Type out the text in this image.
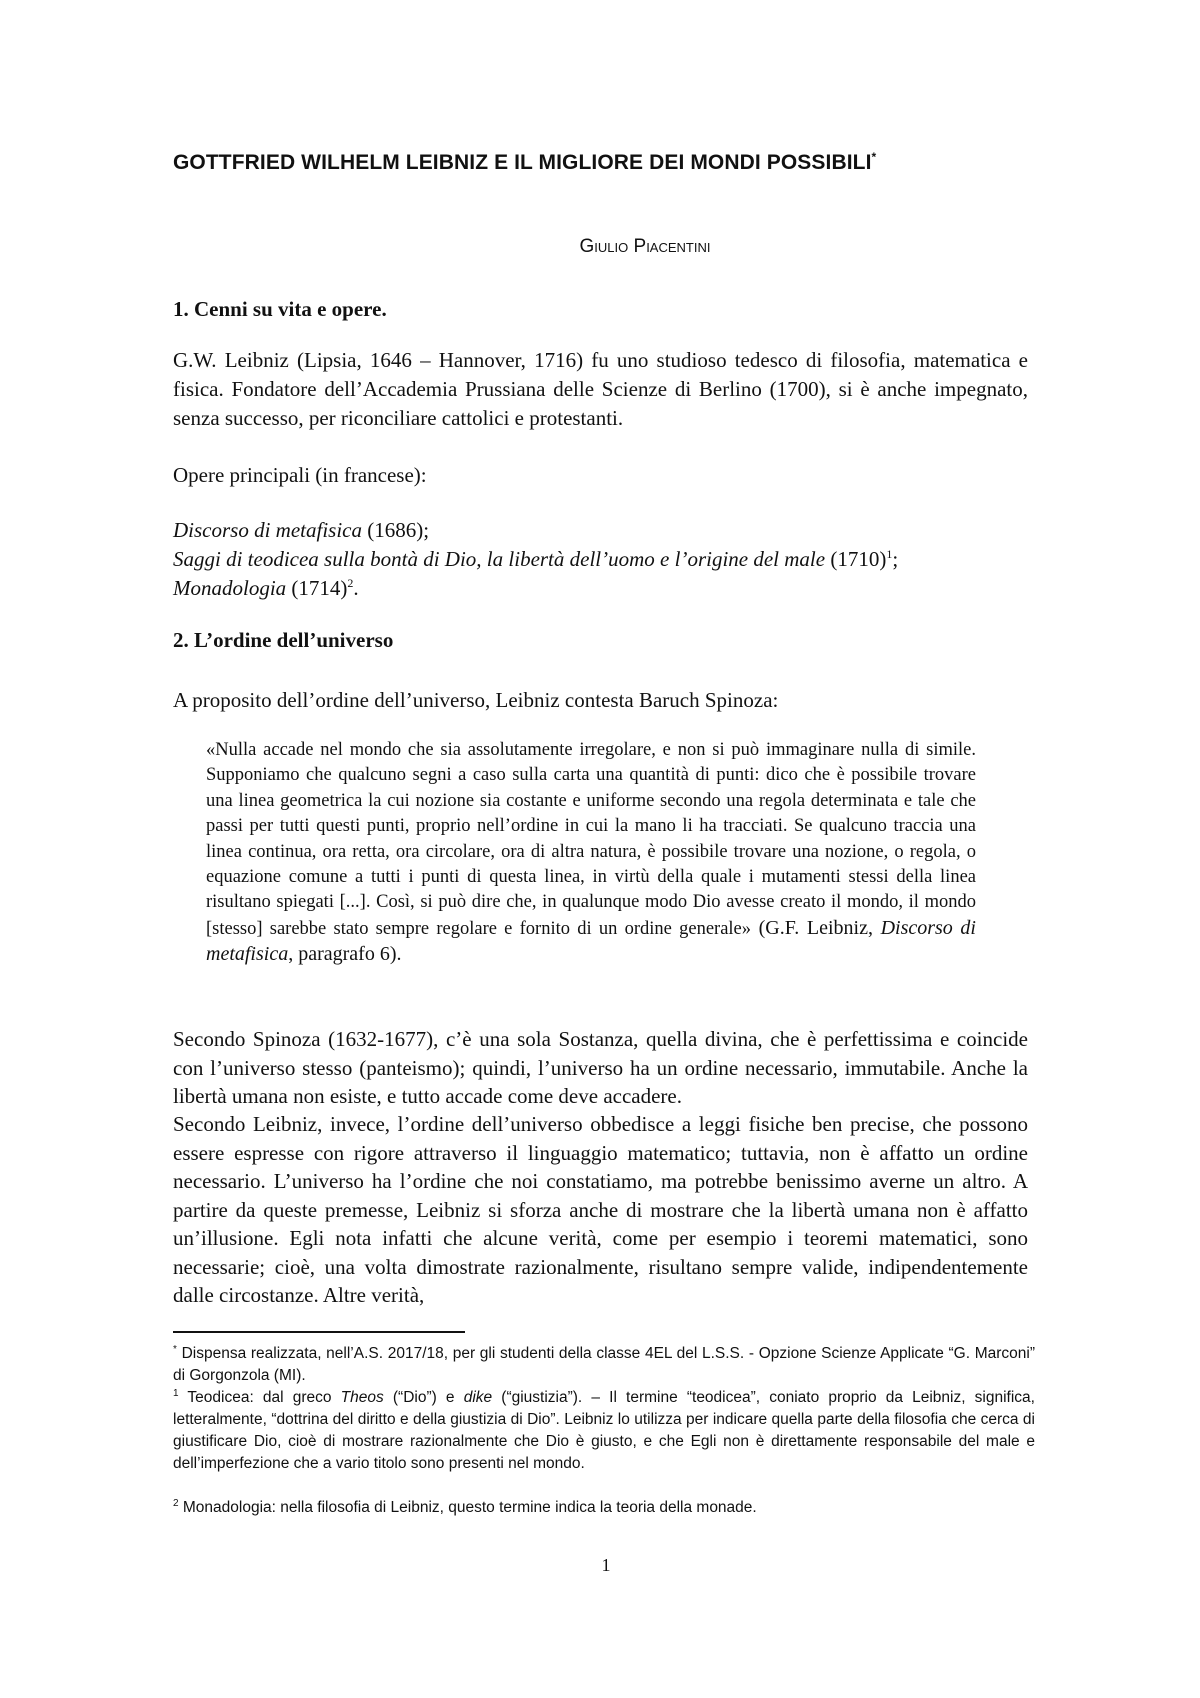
GOTTFRIED WILHELM LEIBNIZ E IL MIGLIORE DEI MONDI POSSIBILI*
Giulio Piacentini
1. Cenni su vita e opere.
G.W. Leibniz (Lipsia, 1646 – Hannover, 1716) fu uno studioso tedesco di filosofia, matematica e fisica. Fondatore dell’Accademia Prussiana delle Scienze di Berlino (1700), si è anche impegnato, senza successo, per riconciliare cattolici e protestanti.
Opere principali (in francese):
Discorso di metafisica (1686);
Saggi di teodicea sulla bontà di Dio, la libertà dell’uomo e l’origine del male $(1710)^1$;
Monadologia $(1714)^2$.
2. L’ordine dell’universo
A proposito dell’ordine dell’universo, Leibniz contesta Baruch Spinoza:
«Nulla accade nel mondo che sia assolutamente irregolare, e non si può immaginare nulla di simile. Supponiamo che qualcuno segni a caso sulla carta una quantità di punti: dico che è possibile trovare una linea geometrica la cui nozione sia costante e uniforme secondo una regola determinata e tale che passi per tutti questi punti, proprio nell’ordine in cui la mano li ha tracciati. Se qualcuno traccia una linea continua, ora retta, ora circolare, ora di altra natura, è possibile trovare una nozione, o regola, o equazione comune a tutti i punti di questa linea, in virtù della quale i mutamenti stessi della linea risultano spiegati [...]. Così, si può dire che, in qualunque modo Dio avesse creato il mondo, il mondo [stesso] sarebbe stato sempre regolare e fornito di un ordine generale» (G.F. Leibniz, Discorso di metafisica, paragrafo 6).
Secondo Spinoza (1632-1677), c’è una sola Sostanza, quella divina, che è perfettissima e coincide con l’universo stesso (panteismo); quindi, l’universo ha un ordine necessario, immutabile. Anche la libertà umana non esiste, e tutto accade come deve accadere.
Secondo Leibniz, invece, l’ordine dell’universo obbedisce a leggi fisiche ben precise, che possono essere espresse con rigore attraverso il linguaggio matematico; tuttavia, non è affatto un ordine necessario. L’universo ha l’ordine che noi constatiamo, ma potrebbe benissimo averne un altro. A partire da queste premesse, Leibniz si sforza anche di mostrare che la libertà umana non è affatto un’illusione. Egli nota infatti che alcune verità, come per esempio i teoremi matematici, sono necessarie; cioè, una volta dimostrate razionalmente, risultano sempre valide, indipendentemente dalle circostanze. Altre verità,
* Dispensa realizzata, nell’A.S. 2017/18, per gli studenti della classe 4EL del L.S.S. - Opzione Scienze Applicate “G. Marconi” di Gorgonzola (MI).
$^1$ Teodicea: dal greco Theos (“Dio”) e dike (“giustizia”). – Il termine “teodicea”, coniato proprio da Leibniz, significa, letteralmente, “dottrina del diritto e della giustizia di Dio”. Leibniz lo utilizza per indicare quella parte della filosofia che cerca di giustificare Dio, cioè di mostrare razionalmente che Dio è giusto, e che Egli non è direttamente responsabile del male e dell’imperfezione che a vario titolo sono presenti nel mondo.
$^2$ Monadologia: nella filosofia di Leibniz, questo termine indica la teoria della monade.
1
